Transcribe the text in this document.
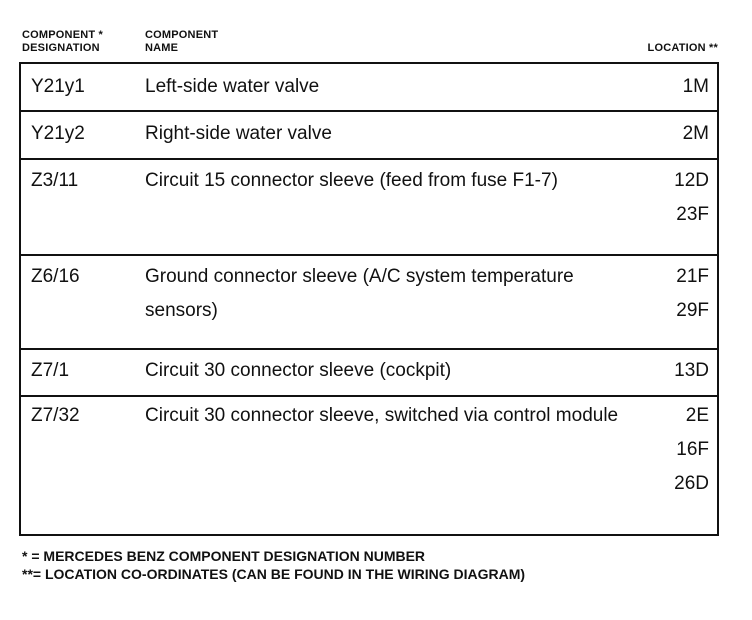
COMPONENT *
DESIGNATION
COMPONENT
NAME	LOCATION **
Y21y1	Left-side water valve	1M
Y21y2	Right-side water valve	2M
Z3/11	Circuit 15 connector sleeve (feed from fuse F1-7)	12D
23F
Z6/16	Ground connector sleeve (A/C system temperature sensors)
21F
29F
Z7/1	Circuit 30 connector sleeve (cockpit)	13D
Z7/32	Circuit 30 connector sleeve, switched via control module	2E
16F
26D
* = MERCEDES BENZ COMPONENT DESIGNATION NUMBER
**= LOCATION CO-ORDINATES (CAN BE FOUND IN THE WIRING DIAGRAM)
